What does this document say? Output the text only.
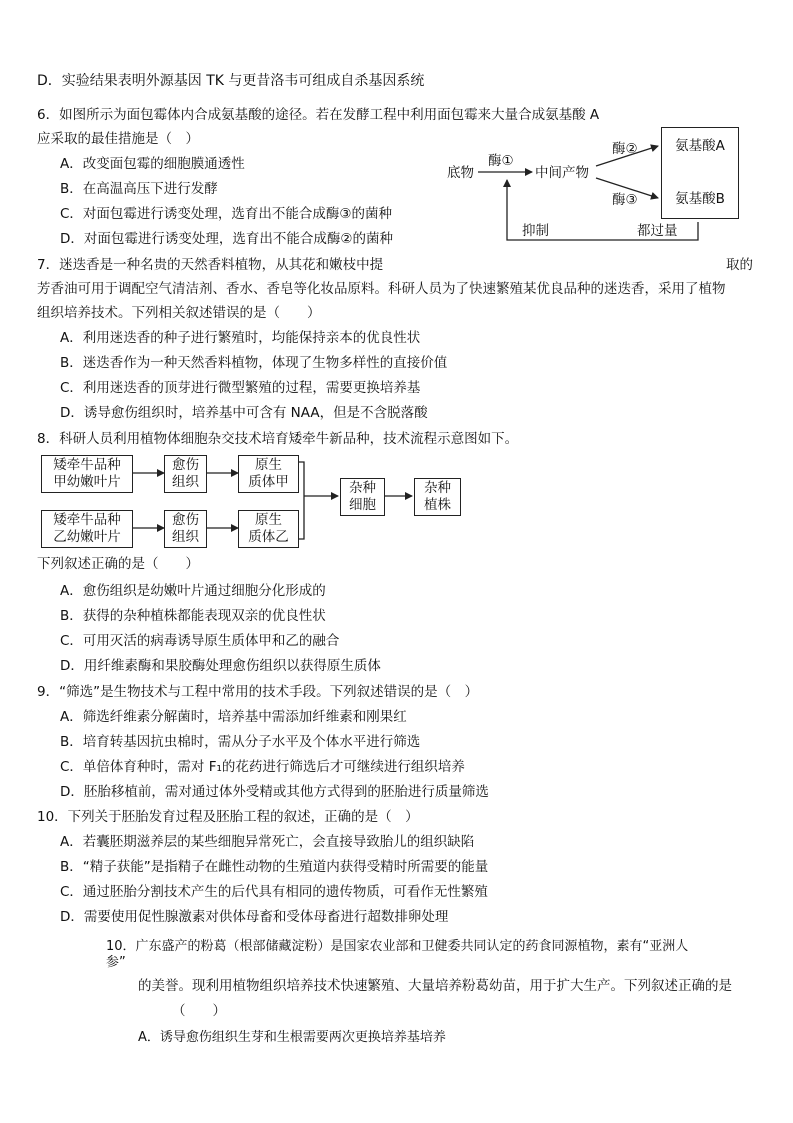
D．实验结果表明外源基因 TK 与更昔洛韦可组成自杀基因系统
6．如图所示为面包霉体内合成氨基酸的途径。若在发酵工程中利用面包霉来大量合成氨基酸 A
应采取的最佳措施是（　）
A．改变面包霉的细胞膜通透性
B．在高温高压下进行发酵
C．对面包霉进行诱变处理，选育出不能合成酶③的菌种
D．对面包霉进行诱变处理，选育出不能合成酶②的菌种
底物
酶①
中间产物
酶②
酶③
氨基酸A
氨基酸B
抑制	都过量
7．迷迭香是一种名贵的天然香料植物，从其花和嫩枝中提	取的
芳香油可用于调配空气清洁剂、香水、香皂等化妆品原料。科研人员为了快速繁殖某优良品种的迷迭香，采用了植物
组织培养技术。下列相关叙述错误的是（　　）
A．利用迷迭香的种子进行繁殖时，均能保持亲本的优良性状
B．迷迭香作为一种天然香料植物，体现了生物多样性的直接价值
C．利用迷迭香的顶芽进行微型繁殖的过程，需要更换培养基
D．诱导愈伤组织时，培养基中可含有 NAA，但是不含脱落酸
8．科研人员利用植物体细胞杂交技术培育矮牵牛新品种，技术流程示意图如下。
矮牵牛品种
甲幼嫩叶片
愈伤
组织
原生
质体甲
矮牵牛品种
乙幼嫩叶片
愈伤
组织
原生
质体乙
杂种
细胞
杂种
植株
下列叙述正确的是（　　）
A．愈伤组织是幼嫩叶片通过细胞分化形成的
B．获得的杂种植株都能表现双亲的优良性状
C．可用灭活的病毒诱导原生质体甲和乙的融合
D．用纤维素酶和果胶酶处理愈伤组织以获得原生质体
9．“筛选”是生物技术与工程中常用的技术手段。下列叙述错误的是（　）
A．筛选纤维素分解菌时，培养基中需添加纤维素和刚果红
B．培育转基因抗虫棉时，需从分子水平及个体水平进行筛选
C．单倍体育种时，需对 F₁的花药进行筛选后才可继续进行组织培养
D．胚胎移植前，需对通过体外受精或其他方式得到的胚胎进行质量筛选
10．下列关于胚胎发育过程及胚胎工程的叙述，正确的是（　）
A．若囊胚期滋养层的某些细胞异常死亡，会直接导致胎儿的组织缺陷
B．“精子获能”是指精子在雌性动物的生殖道内获得受精时所需要的能量
C．通过胚胎分割技术产生的后代具有相同的遗传物质，可看作无性繁殖
D．需要使用促性腺激素对供体母畜和受体母畜进行超数排卵处理
10．广东盛产的粉葛（根部储藏淀粉）是国家农业部和卫健委共同认定的药食同源植物，素有“亚洲人
参”
的美誉。现利用植物组织培养技术快速繁殖、大量培养粉葛幼苗，用于扩大生产。下列叙述正确的是
（　　）
A．诱导愈伤组织生芽和生根需要两次更换培养基培养
